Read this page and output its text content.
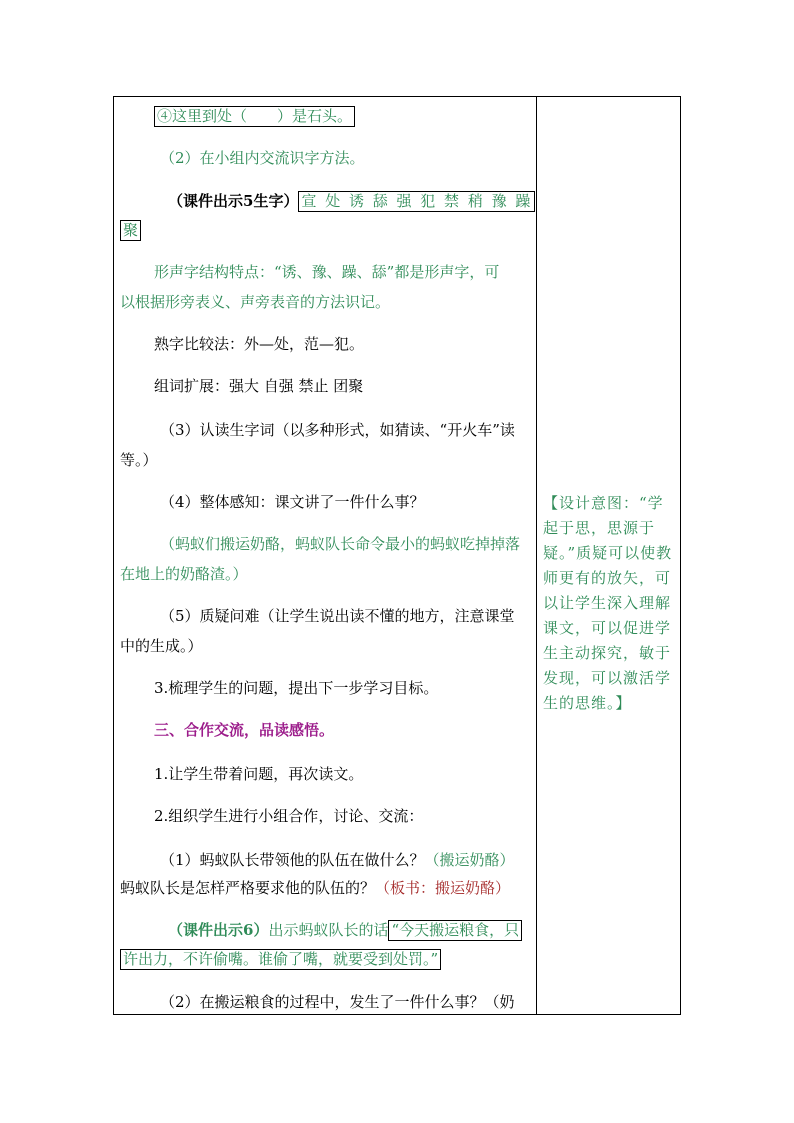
④这里到处（　　）是石头。
（2）在小组内交流识字方法。
（课件出示5生字） 宣 处 诱 舔 强 犯 禁 稍 豫 躁
聚
形声字结构特点：“诱、豫、躁、舔”都是形声字，可
以根据形旁表义、声旁表音的方法识记。
熟字比较法：外—处，范—犯。
组词扩展：强大 自强 禁止 团聚
（3）认读生字词（以多种形式，如猜读、“开火车”读
等。）
（4）整体感知：课文讲了一件什么事？
（蚂蚁们搬运奶酪，蚂蚁队长命令最小的蚂蚁吃掉掉落
在地上的奶酪渣。）
（5）质疑问难（让学生说出读不懂的地方，注意课堂
中的生成。）
3.梳理学生的问题，提出下一步学习目标。
三、合作交流，品读感悟。
1.让学生带着问题，再次读文。
2.组织学生进行小组合作，讨论、交流：
（1）蚂蚁队长带领他的队伍在做什么？（搬运奶酪）
蚂蚁队长是怎样严格要求他的队伍的？（板书：搬运奶酪）
（课件出示6）出示蚂蚁队长的话 “今天搬运粮食，只
许出力，不许偷嘴。谁偷了嘴，就要受到处罚。”
（2）在搬运粮食的过程中，发生了一件什么事？（奶
【设计意图：“学
起于思，思源于
疑。”质疑可以使教
师更有的放矢，可
以让学生深入理解
课文，可以促进学
生主动探究，敏于
发现，可以激活学
生的思维。】
